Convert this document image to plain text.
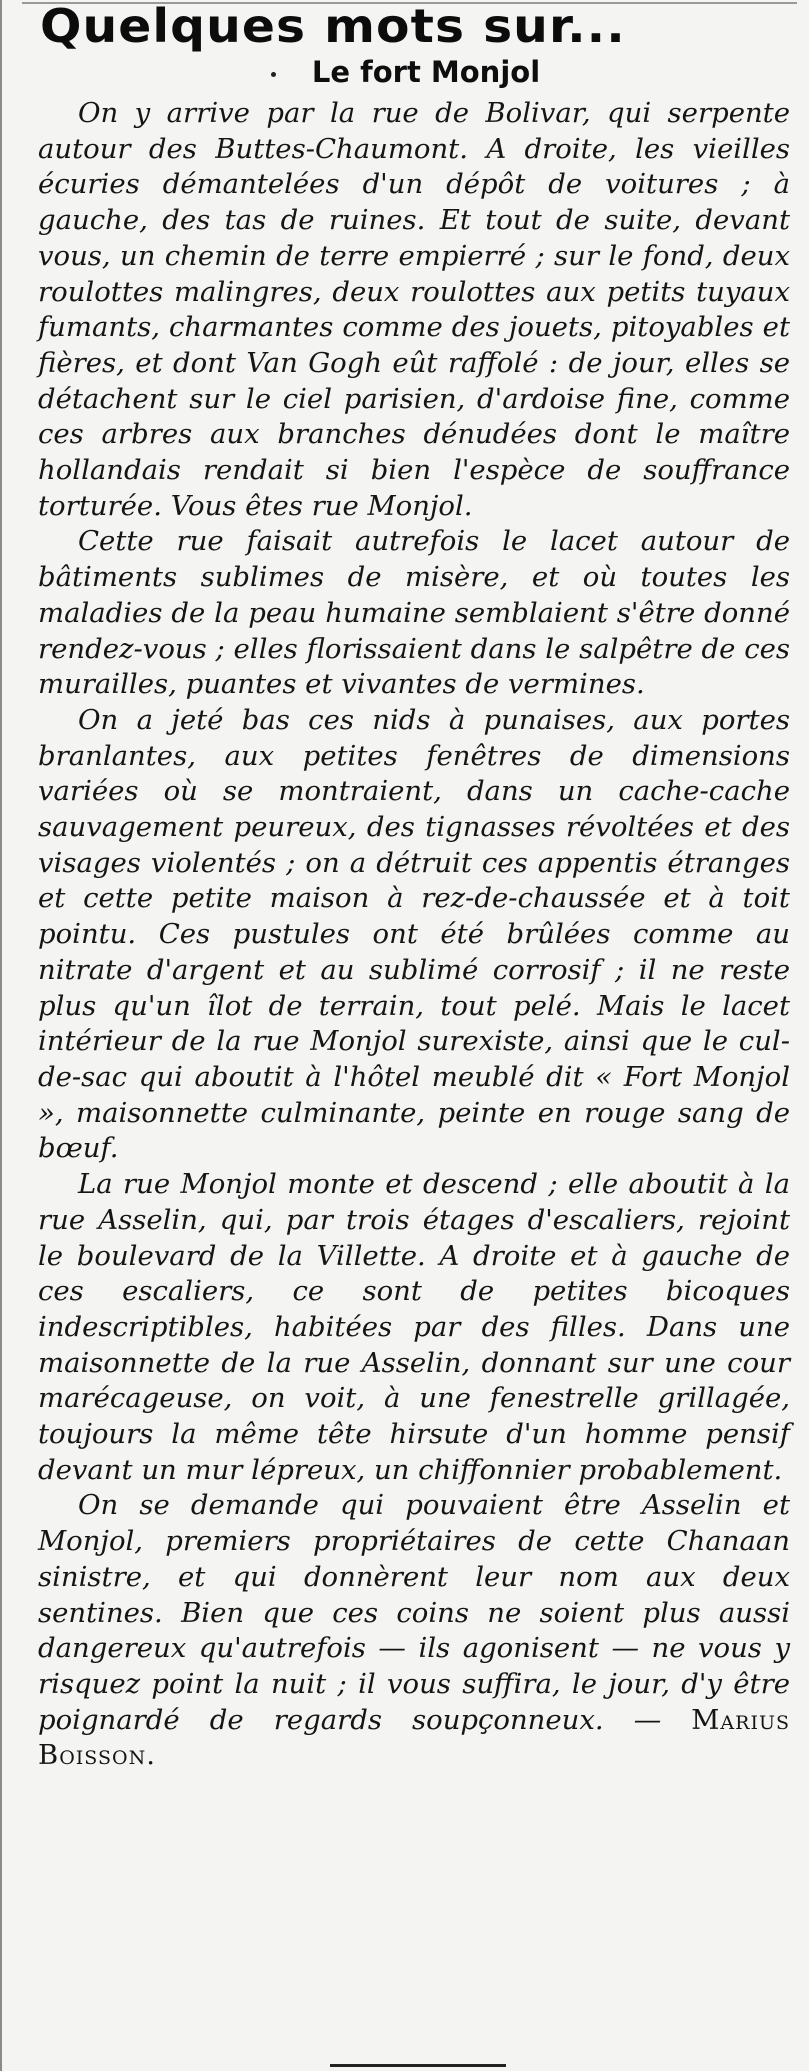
Quelques mots sur...
Le fort Monjol

On y arrive par la rue de Bolivar, qui serpente autour des Buttes-Chaumont. A droite, les vieilles écuries démantelées d'un dépôt de voitures ; à gauche, des tas de ruines. Et tout de suite, devant vous, un chemin de terre empierré ; sur le fond, deux roulottes malingres, deux roulottes aux petits tuyaux fumants, charmantes comme des jouets, pitoyables et fières, et dont Van Gogh eût raffolé : de jour, elles se détachent sur le ciel parisien, d'ardoise fine, comme ces arbres aux branches dénudées dont le maître hollandais rendait si bien l'espèce de souffrance torturée. Vous êtes rue Monjol.

Cette rue faisait autrefois le lacet autour de bâtiments sublimes de misère, et où toutes les maladies de la peau humaine semblaient s'être donné rendez-vous ; elles florissaient dans le salpêtre de ces murailles, puantes et vivantes de vermines.

On a jeté bas ces nids à punaises, aux portes branlantes, aux petites fenêtres de dimensions variées où se montraient, dans un cache-cache sauvagement peureux, des tignasses révoltées et des visages violentés ; on a détruit ces appentis étranges et cette petite maison à rez-de-chaussée et à toit pointu. Ces pustules ont été brûlées comme au nitrate d'argent et au sublimé corrosif ; il ne reste plus qu'un îlot de terrain, tout pelé. Mais le lacet intérieur de la rue Monjol surexiste, ainsi que le cul-de-sac qui aboutit à l'hôtel meublé dit « Fort Monjol », maisonnette culminante, peinte en rouge sang de bœuf.

La rue Monjol monte et descend ; elle aboutit à la rue Asselin, qui, par trois étages d'escaliers, rejoint le boulevard de la Villette. A droite et à gauche de ces escaliers, ce sont de petites bicoques indescriptibles, habitées par des filles. Dans une maisonnette de la rue Asselin, donnant sur une cour marécageuse, on voit, à une fenestrelle grillagée, toujours la même tête hirsute d'un homme pensif devant un mur lépreux, un chiffonnier probablement.

On se demande qui pouvaient être Asselin et Monjol, premiers propriétaires de cette Chanaan sinistre, et qui donnèrent leur nom aux deux sentines. Bien que ces coins ne soient plus aussi dangereux qu'autrefois — ils agonisent — ne vous y risquez point la nuit ; il vous suffira, le jour, d'y être poignardé de regards soupçonneux. — Marius Boisson.
